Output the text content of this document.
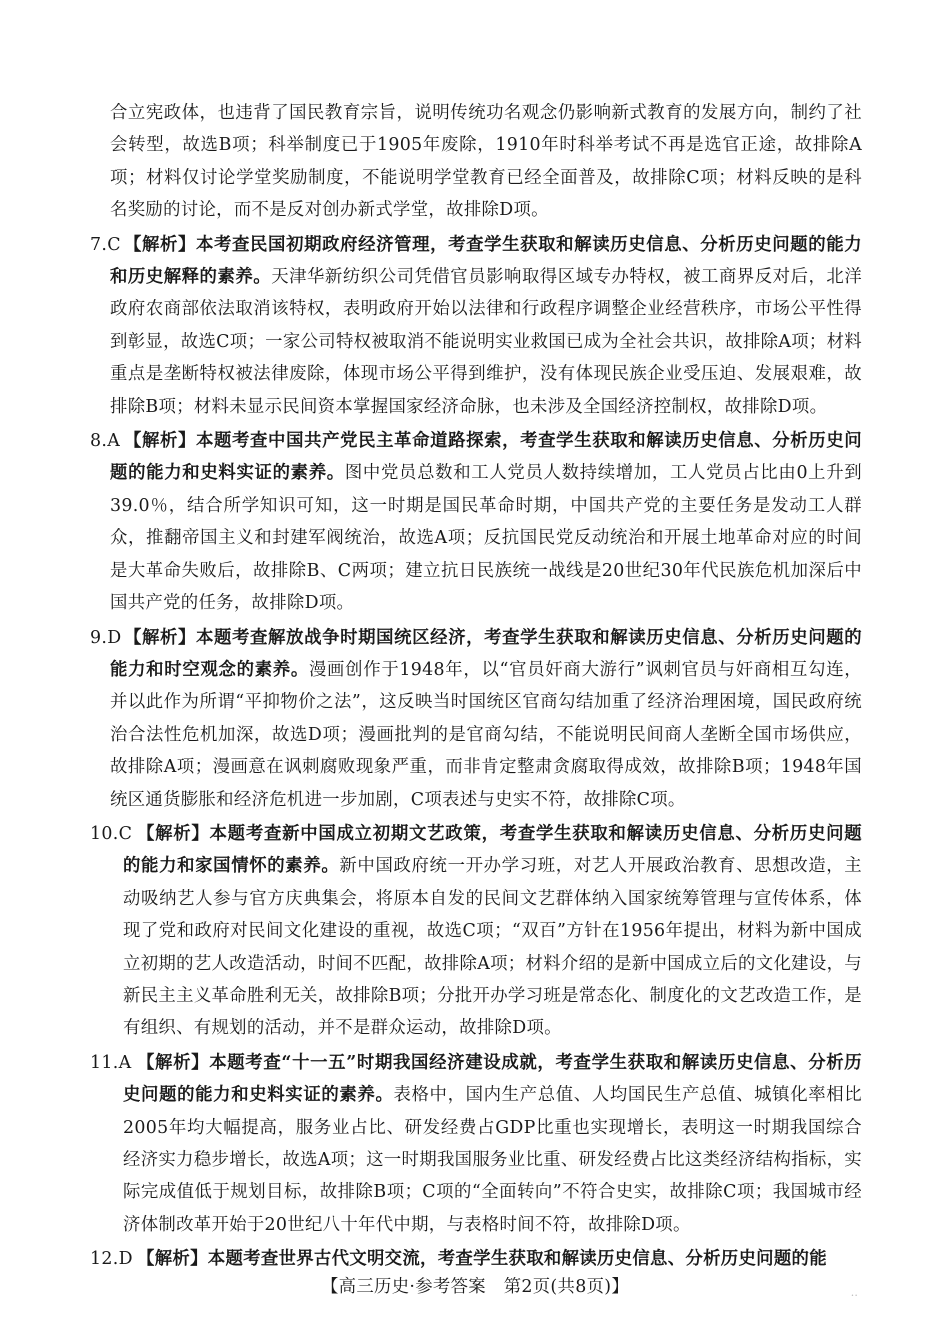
合立宪政体，也违背了国民教育宗旨，说明传统功名观念仍影响新式教育的发展方向，制约了社会转型，故选B项；科举制度已于1905年废除，1910年时科举考试不再是选官正途，故排除A项；材料仅讨论学堂奖励制度，不能说明学堂教育已经全面普及，故排除C项；材料反映的是科名奖励的讨论，而不是反对创办新式学堂，故排除D项。
7.C 【解析】本考查民国初期政府经济管理，考查学生获取和解读历史信息、分析历史问题的能力和历史解释的素养。天津华新纺织公司凭借官员影响取得区域专办特权，被工商界反对后，北洋政府农商部依法取消该特权，表明政府开始以法律和行政程序调整企业经营秩序，市场公平性得到彰显，故选C项；一家公司特权被取消不能说明实业救国已成为全社会共识，故排除A项；材料重点是垄断特权被法律废除，体现市场公平得到维护，没有体现民族企业受压迫、发展艰难，故排除B项；材料未显示民间资本掌握国家经济命脉，也未涉及全国经济控制权，故排除D项。
8.A 【解析】本题考查中国共产党民主革命道路探索，考查学生获取和解读历史信息、分析历史问题的能力和史料实证的素养。图中党员总数和工人党员人数持续增加，工人党员占比由0上升到39.0％，结合所学知识可知，这一时期是国民革命时期，中国共产党的主要任务是发动工人群众，推翻帝国主义和封建军阀统治，故选A项；反抗国民党反动统治和开展土地革命对应的时间是大革命失败后，故排除B、C两项；建立抗日民族统一战线是20世纪30年代民族危机加深后中国共产党的任务，故排除D项。
9.D 【解析】本题考查解放战争时期国统区经济，考查学生获取和解读历史信息、分析历史问题的能力和时空观念的素养。漫画创作于1948年，以“官员奸商大游行”讽刺官员与奸商相互勾连，并以此作为所谓“平抑物价之法”，这反映当时国统区官商勾结加重了经济治理困境，国民政府统治合法性危机加深，故选D项；漫画批判的是官商勾结，不能说明民间商人垄断全国市场供应，故排除A项；漫画意在讽刺腐败现象严重，而非肯定整肃贪腐取得成效，故排除B项；1948年国统区通货膨胀和经济危机进一步加剧，C项表述与史实不符，故排除C项。
10.C 【解析】本题考查新中国成立初期文艺政策，考查学生获取和解读历史信息、分析历史问题的能力和家国情怀的素养。新中国政府统一开办学习班，对艺人开展政治教育、思想改造，主动吸纳艺人参与官方庆典集会，将原本自发的民间文艺群体纳入国家统筹管理与宣传体系，体现了党和政府对民间文化建设的重视，故选C项；“双百”方针在1956年提出，材料为新中国成立初期的艺人改造活动，时间不匹配，故排除A项；材料介绍的是新中国成立后的文化建设，与新民主主义革命胜利无关，故排除B项；分批开办学习班是常态化、制度化的文艺改造工作，是有组织、有规划的活动，并不是群众运动，故排除D项。
11.A 【解析】本题考查“十一五”时期我国经济建设成就，考查学生获取和解读历史信息、分析历史问题的能力和史料实证的素养。表格中，国内生产总值、人均国民生产总值、城镇化率相比2005年均大幅提高，服务业占比、研发经费占GDP比重也实现增长，表明这一时期我国综合经济实力稳步增长，故选A项；这一时期我国服务业比重、研发经费占比这类经济结构指标，实际完成值低于规划目标，故排除B项；C项的“全面转向”不符合史实，故排除C项；我国城市经济体制改革开始于20世纪八十年代中期，与表格时间不符，故排除D项。
12.D 【解析】本题考查世界古代文明交流，考查学生获取和解读历史信息、分析历史问题的能
【高三历史·参考答案　第2页(共8页)】	‥
